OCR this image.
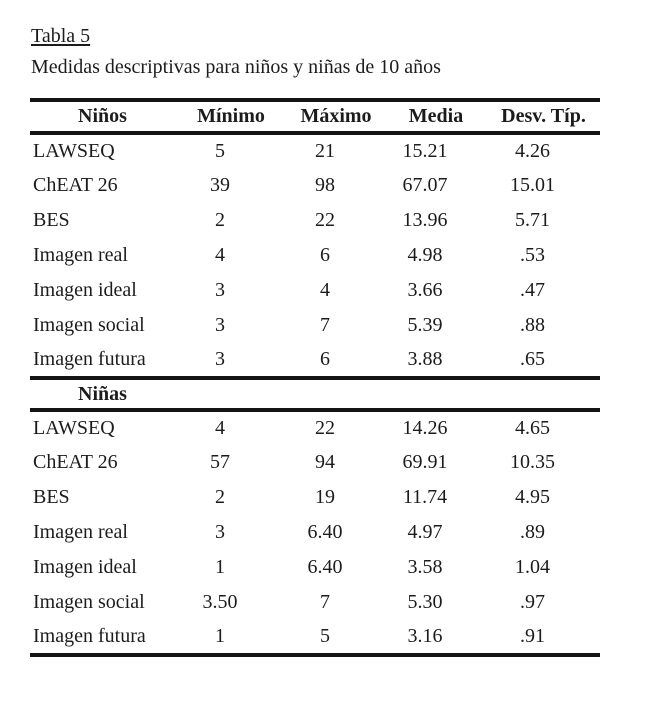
Tabla 5
Medidas descriptivas para niños y niñas de 10 años
Niños	Mínimo	Máximo	Media	Desv. Típ.
LAWSEQ	5	21	15.21	4.26
ChEAT 26	39	98	67.07	15.01
BES	2	22	13.96	5.71
Imagen real	4	6	4.98	.53
Imagen ideal	3	4	3.66	.47
Imagen social	3	7	5.39	.88
Imagen futura	3	6	3.88	.65
Niñas				
LAWSEQ	4	22	14.26	4.65
ChEAT 26	57	94	69.91	10.35
BES	2	19	11.74	4.95
Imagen real	3	6.40	4.97	.89
Imagen ideal	1	6.40	3.58	1.04
Imagen social	3.50	7	5.30	.97
Imagen futura	1	5	3.16	.91
